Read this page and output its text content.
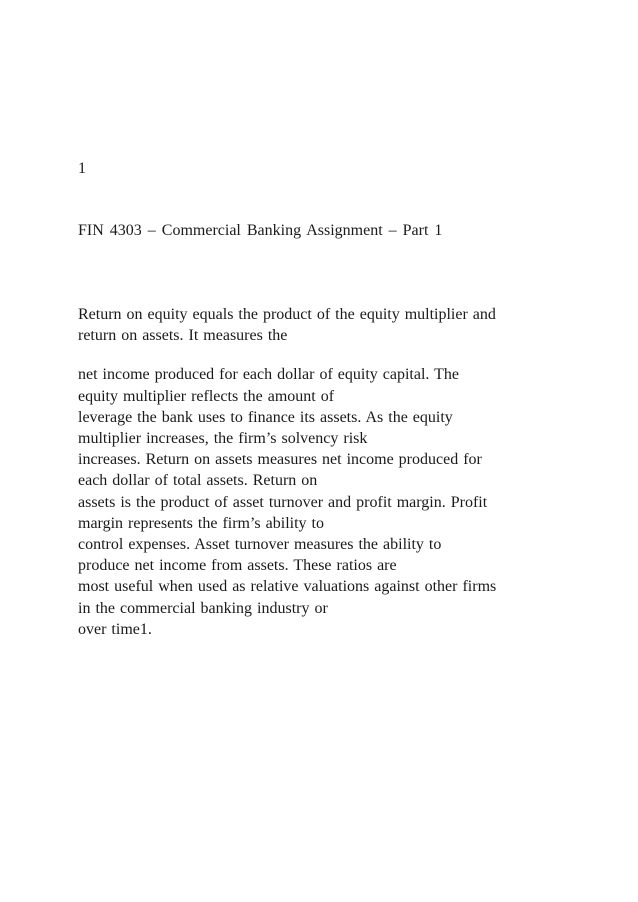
1
FIN 4303 – Commercial Banking Assignment – Part 1
Return on equity equals the product of the equity multiplier and
return on assets. It measures the
net income produced for each dollar of equity capital. The
equity multiplier reflects the amount of
leverage the bank uses to finance its assets. As the equity
multiplier increases, the firm’s solvency risk
increases. Return on assets measures net income produced for
each dollar of total assets. Return on
assets is the product of asset turnover and profit margin. Profit
margin represents the firm’s ability to
control expenses. Asset turnover measures the ability to
produce net income from assets. These ratios are
most useful when used as relative valuations against other firms
in the commercial banking industry or
over time1.
